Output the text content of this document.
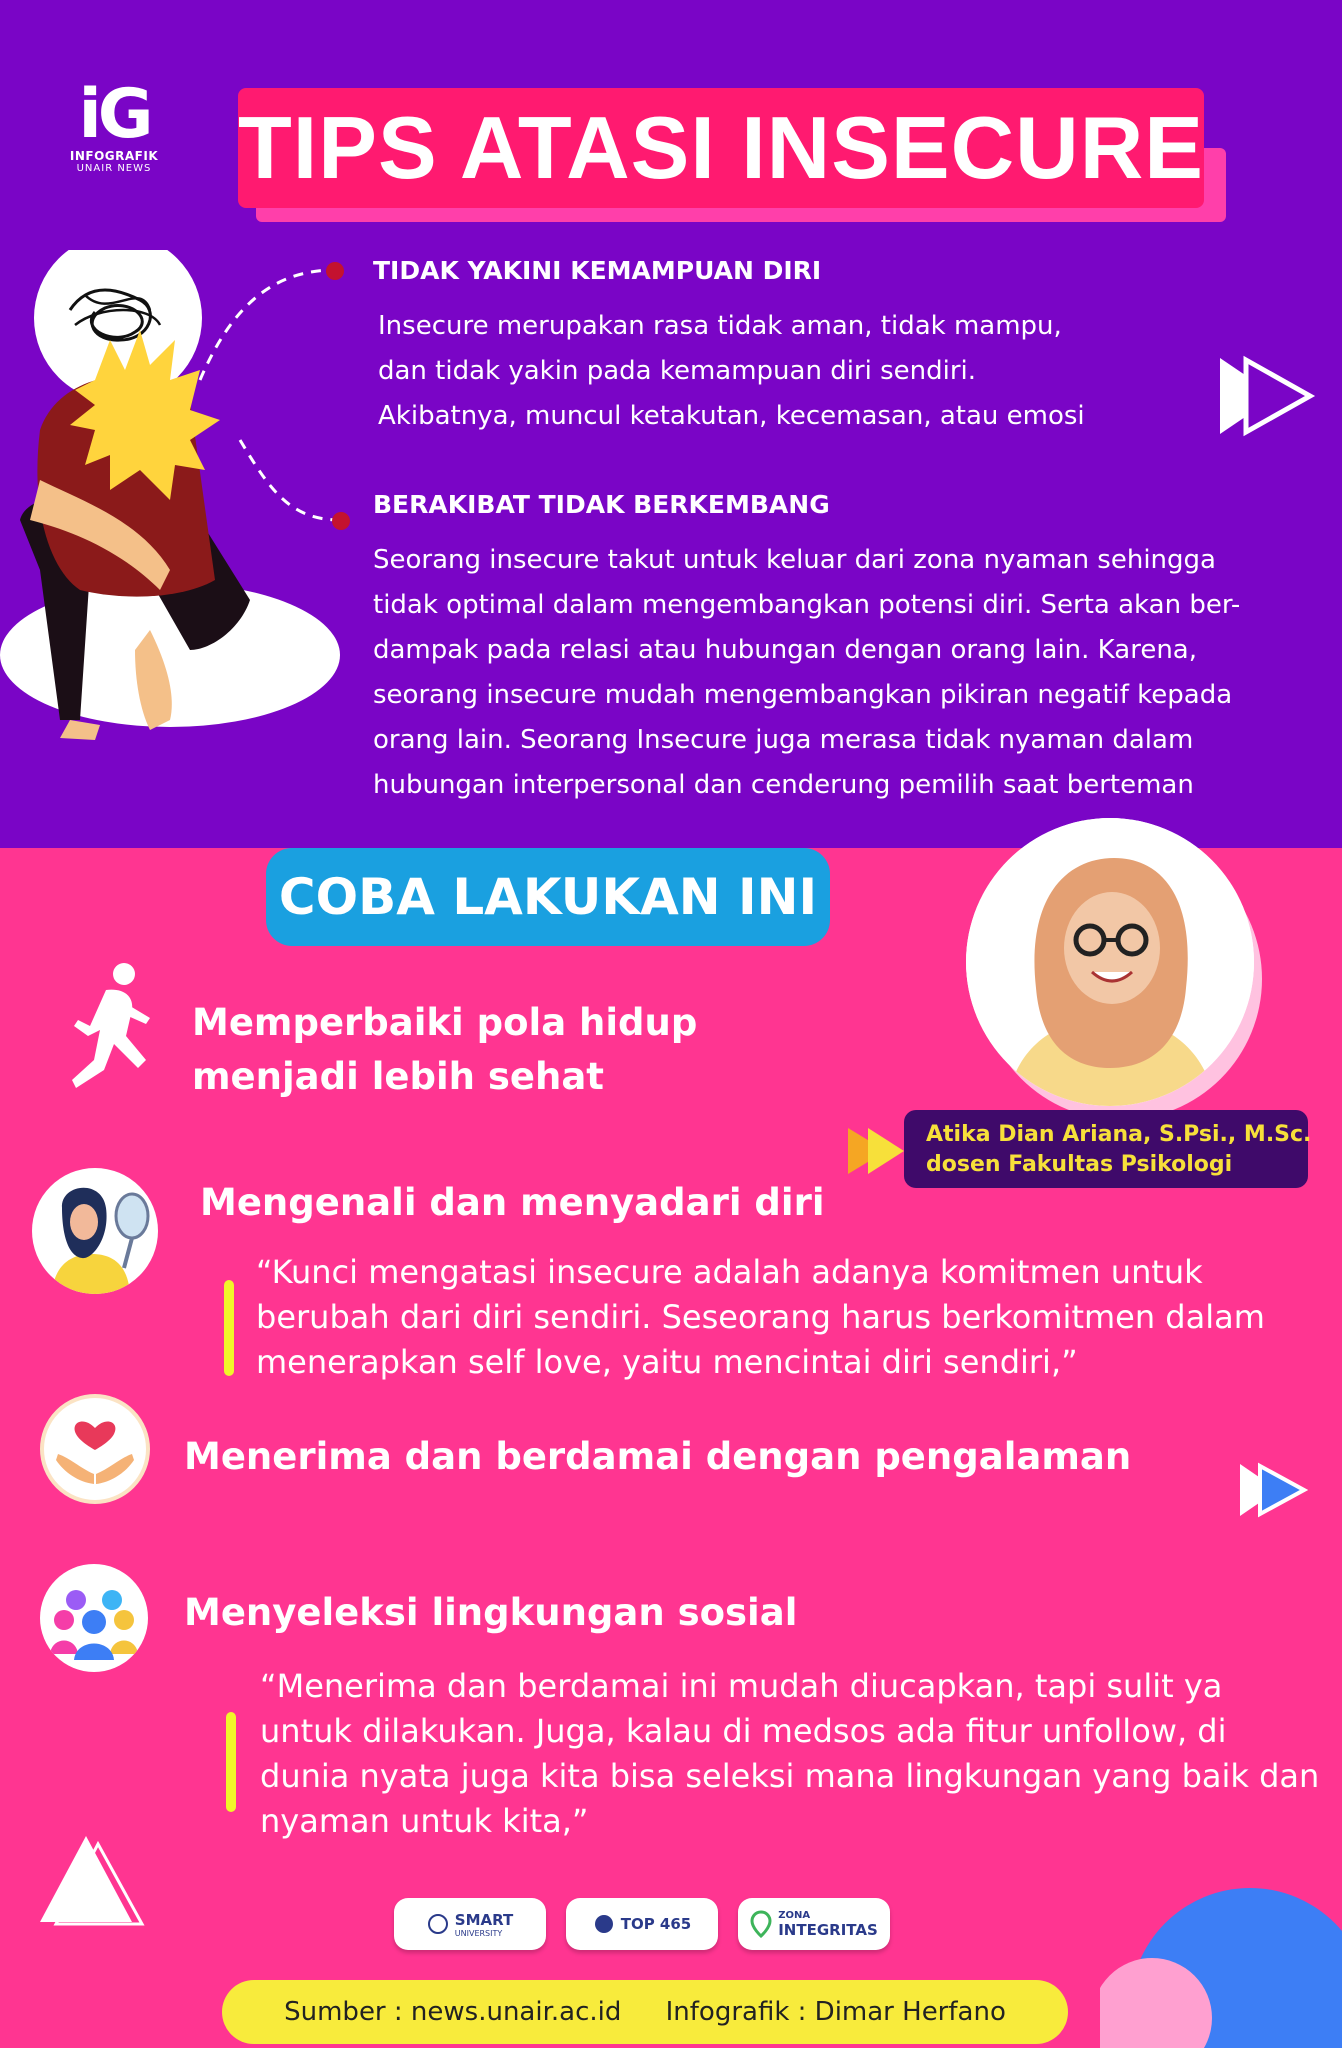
iG
INFOGRAFIK
UNAIR NEWS TIPS ATASI INSECURE
TIDAK YAKINI KEMAMPUAN DIRI
Insecure merupakan rasa tidak aman, tidak mampu,
dan tidak yakin pada kemampuan diri sendiri.
Akibatnya, muncul ketakutan, kecemasan, atau emosi
BERAKIBAT TIDAK BERKEMBANG
Seorang insecure takut untuk keluar dari zona nyaman sehingga
tidak optimal dalam mengembangkan potensi diri. Serta akan ber-
dampak pada relasi atau hubungan dengan orang lain. Karena,
seorang insecure mudah mengembangkan pikiran negatif kepada
orang lain. Seorang Insecure juga merasa tidak nyaman dalam
hubungan interpersonal dan cenderung pemilih saat berteman
COBA LAKUKAN INI
Atika Dian Ariana, S.Psi., M.Sc.
dosen Fakultas Psikologi
Memperbaiki pola hidup
menjadi lebih sehat
Mengenali dan menyadari diri
“Kunci mengatasi insecure adalah adanya komitmen untuk
berubah dari diri sendiri. Seseorang harus berkomitmen dalam
menerapkan self love, yaitu mencintai diri sendiri,”
Menerima dan berdamai dengan pengalaman
Menyeleksi lingkungan sosial
“Menerima dan berdamai ini mudah diucapkan, tapi sulit ya
untuk dilakukan. Juga, kalau di medsos ada fitur unfollow, di
dunia nyata juga kita bisa seleksi mana lingkungan yang baik dan
nyaman untuk kita,”
SMART
UNIVERSITY	TOP 465	ZONA
INTEGRITAS
Sumber : news.unair.ac.id Infografik : Dimar Herfano
